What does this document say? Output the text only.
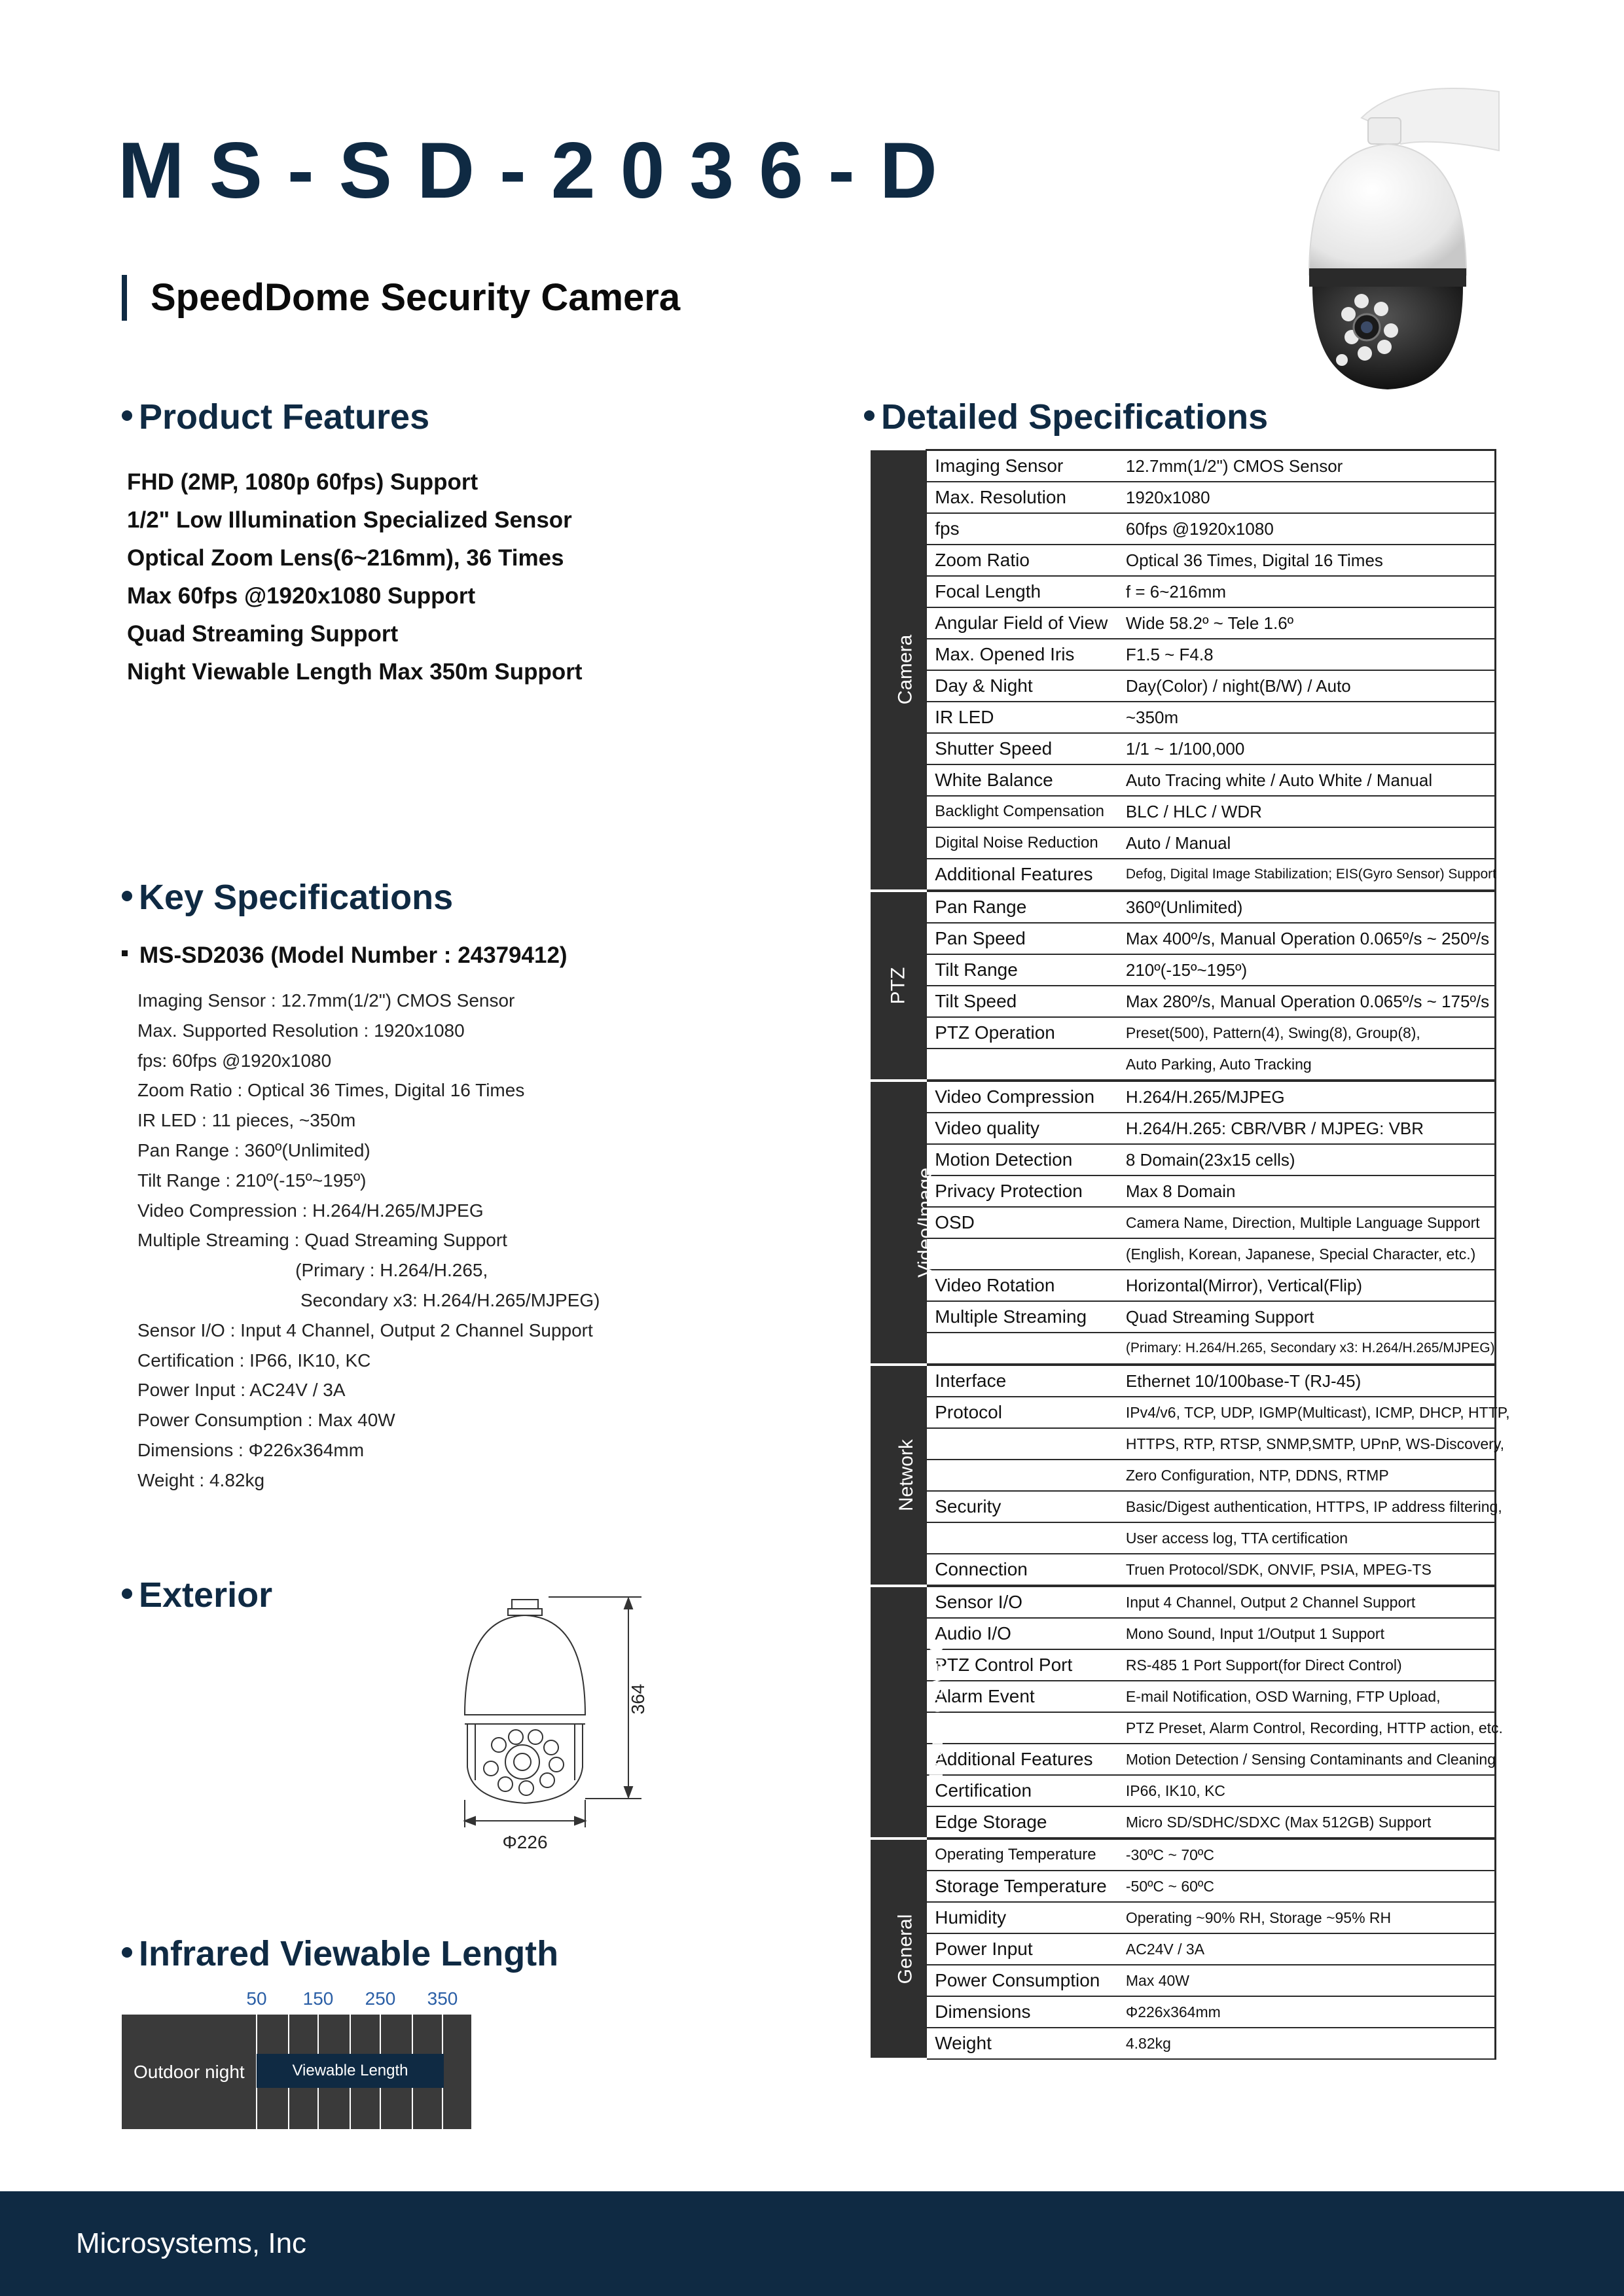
MS-SD-2036-D
SpeedDome Security Camera
Product Features
FHD (2MP, 1080p 60fps) Support
1/2" Low Illumination Specialized Sensor
Optical Zoom Lens(6~216mm), 36 Times
Max 60fps @1920x1080 Support
Quad Streaming Support
Night Viewable Length Max 350m Support
Key Specifications
MS-SD2036 (Model Number : 24379412)
Imaging Sensor : 12.7mm(1/2") CMOS Sensor
Max. Supported Resolution : 1920x1080
fps: 60fps @1920x1080
Zoom Ratio : Optical 36 Times, Digital 16 Times
IR LED : 11 pieces, ~350m
Pan Range : 360º(Unlimited)
Tilt Range : 210º(-15º~195º)
Video Compression : H.264/H.265/MJPEG
Multiple Streaming : Quad Streaming Support
(Primary : H.264/H.265,
Secondary x3: H.264/H.265/MJPEG)
Sensor I/O : Input 4 Channel, Output 2 Channel Support
Certification : IP66, IK10, KC
Power Input : AC24V / 3A
Power Consumption : Max 40W
Dimensions : Φ226x364mm
Weight : 4.82kg
Exterior
364
Φ226
Infrared Viewable Length
50	150	250	350
Outdoor night	Viewable Length
Detailed Specifications
Camera	Imaging Sensor	12.7mm(1/2") CMOS Sensor
	Max. Resolution	1920x1080
	fps	60fps @1920x1080
	Zoom Ratio	Optical 36 Times, Digital 16 Times
	Focal Length	f = 6~216mm
	Angular Field of View	Wide 58.2º ~ Tele 1.6º
	Max. Opened Iris	F1.5 ~ F4.8
	Day & Night	Day(Color) / night(B/W) / Auto
	IR LED	~350m
	Shutter Speed	1/1 ~ 1/100,000
	White Balance	Auto Tracing white / Auto White / Manual
	Backlight Compensation	BLC / HLC / WDR
	Digital Noise Reduction	Auto / Manual
	Additional Features	Defog, Digital Image Stabilization; EIS(Gyro Sensor) Support
PTZ	Pan Range	360º(Unlimited)
	Pan Speed	Max 400º/s, Manual Operation 0.065º/s ~ 250º/s
	Tilt Range	210º(-15º~195º)
	Tilt Speed	Max 280º/s, Manual Operation 0.065º/s ~ 175º/s
	PTZ Operation	Preset(500), Pattern(4), Swing(8), Group(8),
		Auto Parking, Auto Tracking
Video/Image	Video Compression	H.264/H.265/MJPEG
	Video quality	H.264/H.265: CBR/VBR / MJPEG: VBR
	Motion Detection	8 Domain(23x15 cells)
	Privacy Protection	Max 8 Domain
	OSD	Camera Name, Direction, Multiple Language Support
		(English, Korean, Japanese, Special Character, etc.)
	Video Rotation	Horizontal(Mirror), Vertical(Flip)
	Multiple Streaming	Quad Streaming Support
		(Primary: H.264/H.265, Secondary x3: H.264/H.265/MJPEG)
Network	Interface	Ethernet 10/100base-T (RJ-45)
	Protocol	IPv4/v6, TCP, UDP, IGMP(Multicast), ICMP, DHCP, HTTP,
		HTTPS, RTP, RTSP, SNMP,SMTP, UPnP, WS-Discovery,
		Zero Configuration, NTP, DDNS, RTMP
	Security	Basic/Digest authentication, HTTPS, IP address filtering,
		User access log, TTA certification
	Connection	Truen Protocol/SDK, ONVIF, PSIA, MPEG-TS
Interface/Event	Sensor I/O	Input 4 Channel, Output 2 Channel Support
	Audio I/O	Mono Sound, Input 1/Output 1 Support
	PTZ Control Port	RS-485 1 Port Support(for Direct Control)
	Alarm Event	E-mail Notification, OSD Warning, FTP Upload,
		PTZ Preset, Alarm Control, Recording, HTTP action, etc.
	Additional Features	Motion Detection / Sensing Contaminants and Cleaning
	Certification	IP66, IK10, KC
	Edge Storage	Micro SD/SDHC/SDXC (Max 512GB) Support
General	Operating Temperature	-30ºC ~ 70ºC
	Storage Temperature	-50ºC ~ 60ºC
	Humidity	Operating ~90% RH, Storage ~95% RH
	Power Input	AC24V / 3A
	Power Consumption	Max 40W
	Dimensions	Φ226x364mm
	Weight	4.82kg
Microsystems, Inc
